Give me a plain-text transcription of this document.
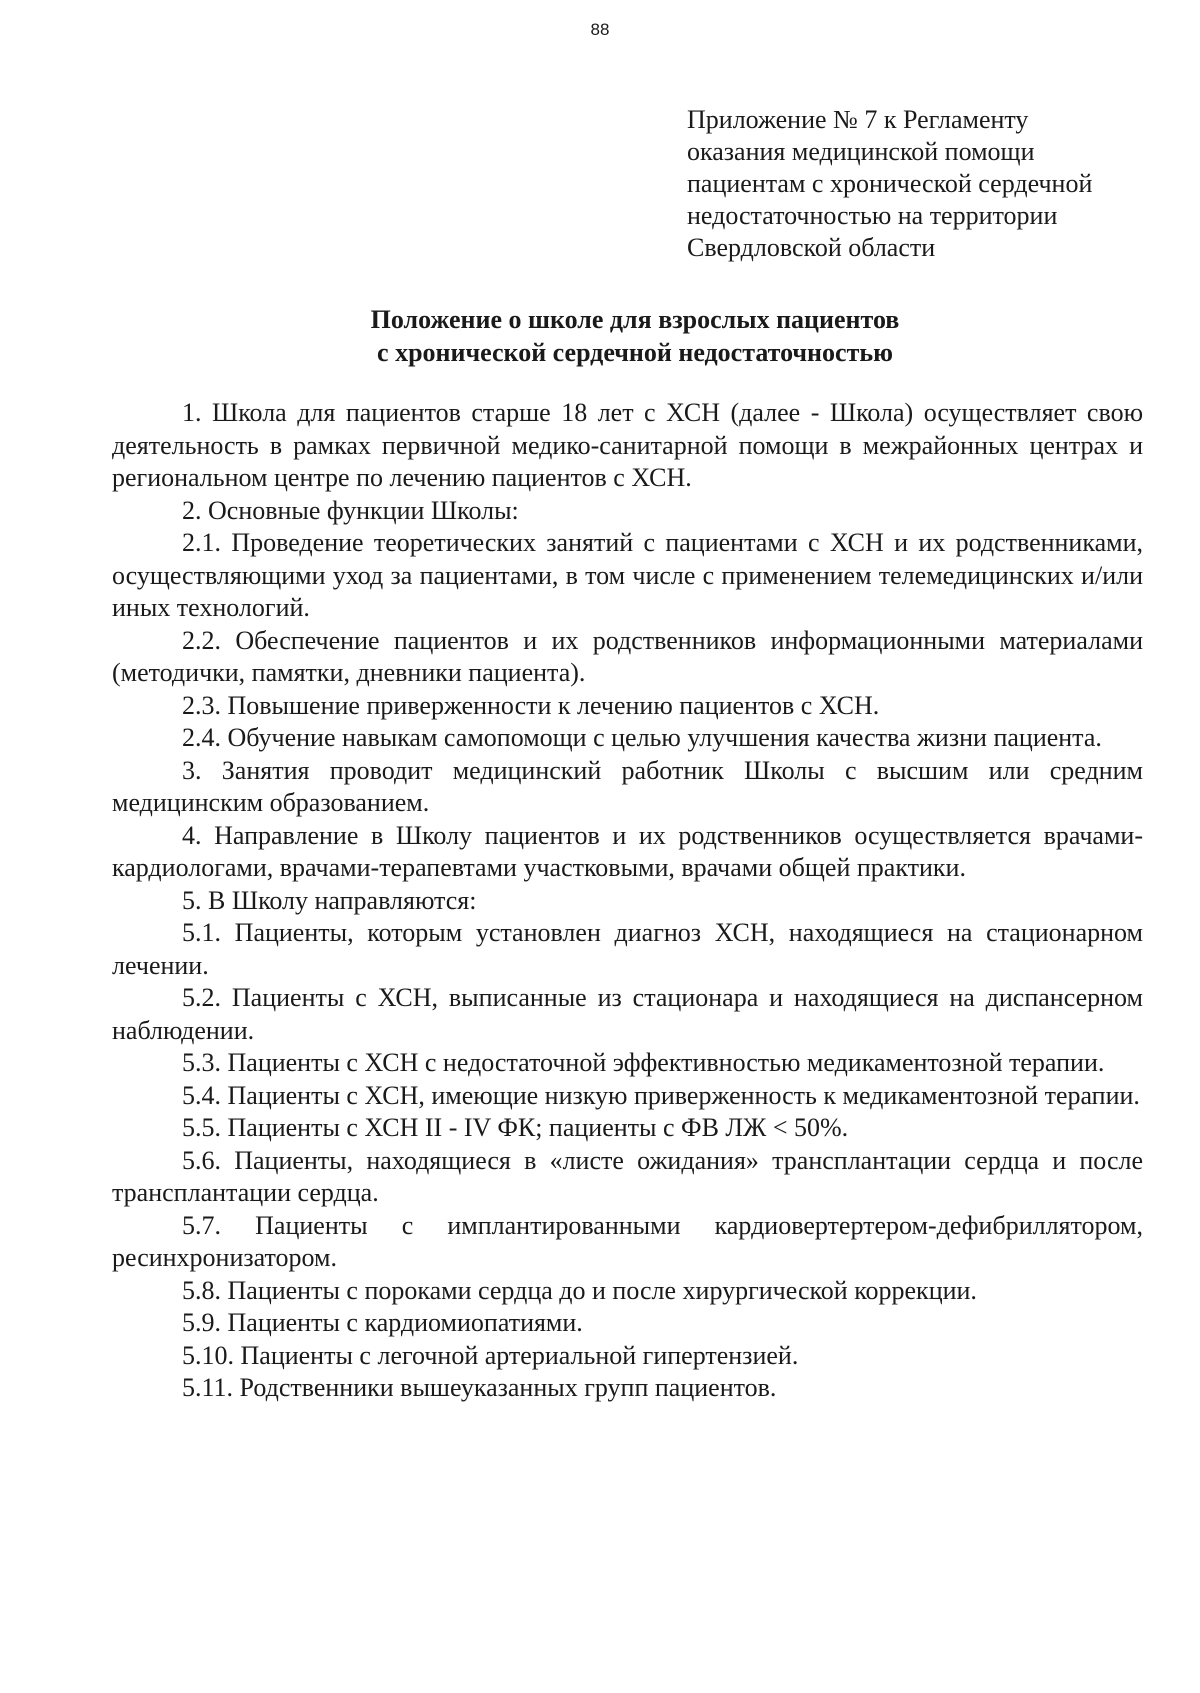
88
Приложение № 7 к Регламенту
оказания медицинской помощи
пациентам с хронической сердечной
недостаточностью на территории
Свердловской области
Положение о школе для взрослых пациентов
с хронической сердечной недостаточностью

1. Школа для пациентов старше 18 лет с ХСН (далее - Школа) осуществляет свою деятельность в рамках первичной медико-санитарной помощи в межрайонных центрах и региональном центре по лечению пациентов с ХСН.

2. Основные функции Школы:

2.1. Проведение теоретических занятий с пациентами с ХСН и их родственниками, осуществляющими уход за пациентами, в том числе с применением телемедицинских и/или иных технологий.

2.2. Обеспечение пациентов и их родственников информационными материалами (методички, памятки, дневники пациента).

2.3. Повышение приверженности к лечению пациентов с ХСН.

2.4. Обучение навыкам самопомощи с целью улучшения качества жизни пациента.

3. Занятия проводит медицинский работник Школы с высшим или средним медицинским образованием.

4. Направление в Школу пациентов и их родственников осуществляется врачами-кардиологами, врачами-терапевтами участковыми, врачами общей практики.

5. В Школу направляются:

5.1. Пациенты, которым установлен диагноз ХСН, находящиеся на стационарном лечении.

5.2. Пациенты с ХСН, выписанные из стационара и находящиеся на диспансерном наблюдении.

5.3. Пациенты с ХСН с недостаточной эффективностью медикаментозной терапии.

5.4. Пациенты с ХСН, имеющие низкую приверженность к медикаментозной терапии.

5.5. Пациенты с ХСН II - IV ФК; пациенты с ФВ ЛЖ < 50%.

5.6. Пациенты, находящиеся в «листе ожидания» трансплантации сердца и после трансплантации сердца.

5.7. Пациенты с имплантированными кардиовертертером-дефибриллятором, ресинхронизатором.

5.8. Пациенты с пороками сердца до и после хирургической коррекции.

5.9. Пациенты с кардиомиопатиями.

5.10. Пациенты с легочной артериальной гипертензией.

5.11. Родственники вышеуказанных групп пациентов.
